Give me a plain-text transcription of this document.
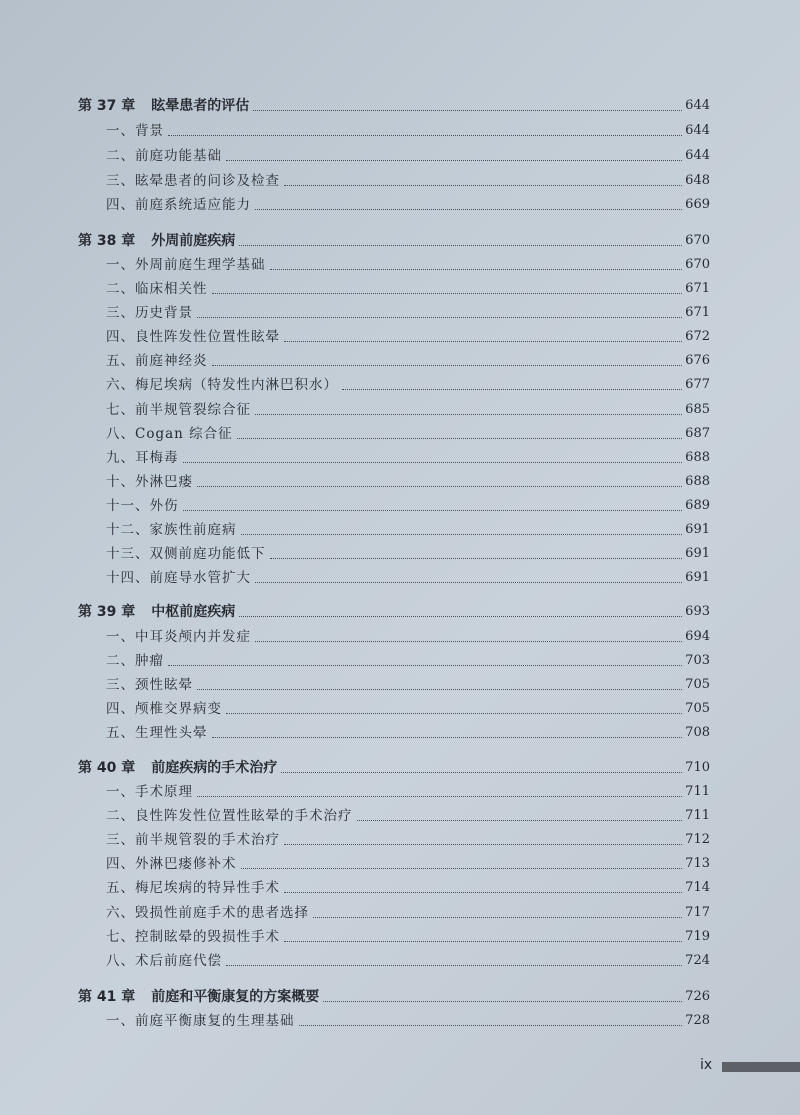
第 37 章 眩晕患者的评估	644
一、背景	644
二、前庭功能基础	644
三、眩晕患者的问诊及检查	648
四、前庭系统适应能力	669
第 38 章 外周前庭疾病	670
一、外周前庭生理学基础	670
二、临床相关性	671
三、历史背景	671
四、良性阵发性位置性眩晕	672
五、前庭神经炎	676
六、梅尼埃病（特发性内淋巴积水）	677
七、前半规管裂综合征	685
八、Cogan 综合征	687
九、耳梅毒	688
十、外淋巴瘘	688
十一、外伤	689
十二、家族性前庭病	691
十三、双侧前庭功能低下	691
十四、前庭导水管扩大	691
第 39 章 中枢前庭疾病	693
一、中耳炎颅内并发症	694
二、肿瘤	703
三、颈性眩晕	705
四、颅椎交界病变	705
五、生理性头晕	708
第 40 章 前庭疾病的手术治疗	710
一、手术原理	711
二、良性阵发性位置性眩晕的手术治疗	711
三、前半规管裂的手术治疗	712
四、外淋巴瘘修补术	713
五、梅尼埃病的特异性手术	714
六、毁损性前庭手术的患者选择	717
七、控制眩晕的毁损性手术	719
八、术后前庭代偿	724
第 41 章 前庭和平衡康复的方案概要	726
一、前庭平衡康复的生理基础	728
ix
